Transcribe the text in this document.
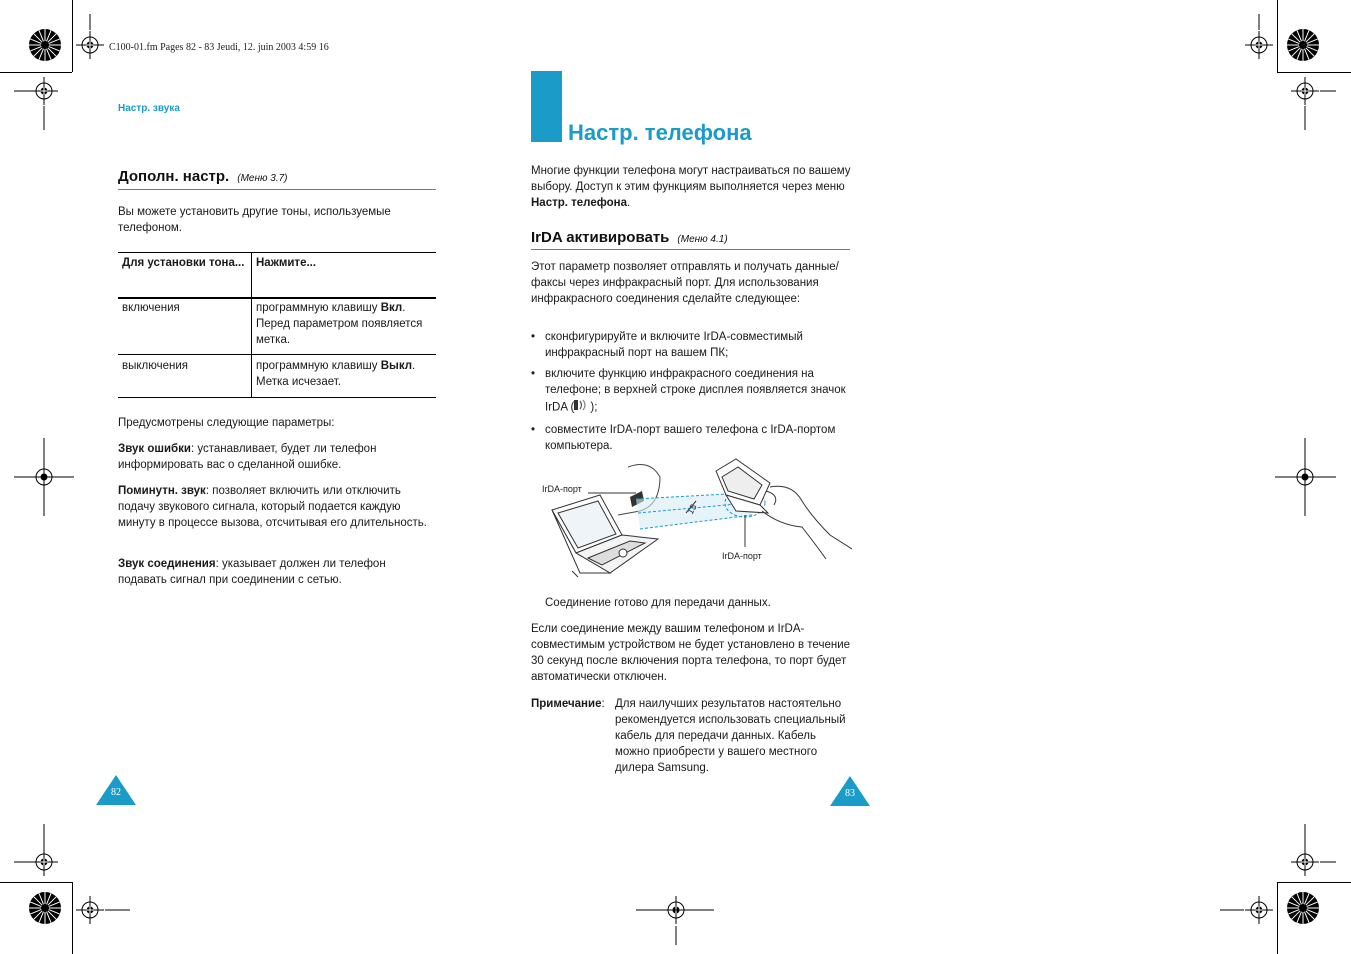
C100-01.fm Pages 82 - 83 Jeudi, 12. juin 2003 4:59 16
Настр. звука
Дополн. настр. (Меню 3.7)
Вы можете установить другие тоны, используемые телефоном.
Для установки тона... Нажмите...
включения	программную клавишу Вкл. Перед параметром появляется метка.
выключения	программную клавишу Выкл. Метка исчезает.
Предусмотрены следующие параметры:
Звук ошибки: устанавливает, будет ли телефон информировать вас о сделанной ошибке.
Поминутн. звук: позволяет включить или отключить подачу звукового сигнала, который подается каждую минуту в процессе вызова, отсчитывая его длительность.
Звук соединения: указывает должен ли телефон подавать сигнал при соединении с сетью.
82
Настр. телефона
Многие функции телефона могут настраиваться по вашему выбору. Доступ к этим функциям выполняется через меню Настр. телефона.
IrDA активировать (Меню 4.1)
Этот параметр позволяет отправлять и получать данные/факсы через инфракрасный порт. Для использования инфракрасного соединения сделайте следующее:
• сконфигурируйте и включите IrDA-совместимый инфракрасный порт на вашем ПК;
• включите функцию инфракрасного соединения на телефоне; в верхней строке дисплея появляется значок IrDA ( );
• совместите IrDA-порт вашего телефона с IrDA-портом компьютера.
15
IrDA-порт
IrDA-порт
Соединение готово для передачи данных.
Если соединение между вашим телефоном и IrDA-совместимым устройством не будет установлено в течение 30 секунд после включения порта телефона, то порт будет автоматически отключен.
Примечание: Для наилучших результатов настоятельно рекомендуется использовать специальный кабель для передачи данных. Кабель можно приобрести у вашего местного дилера Samsung.
83
